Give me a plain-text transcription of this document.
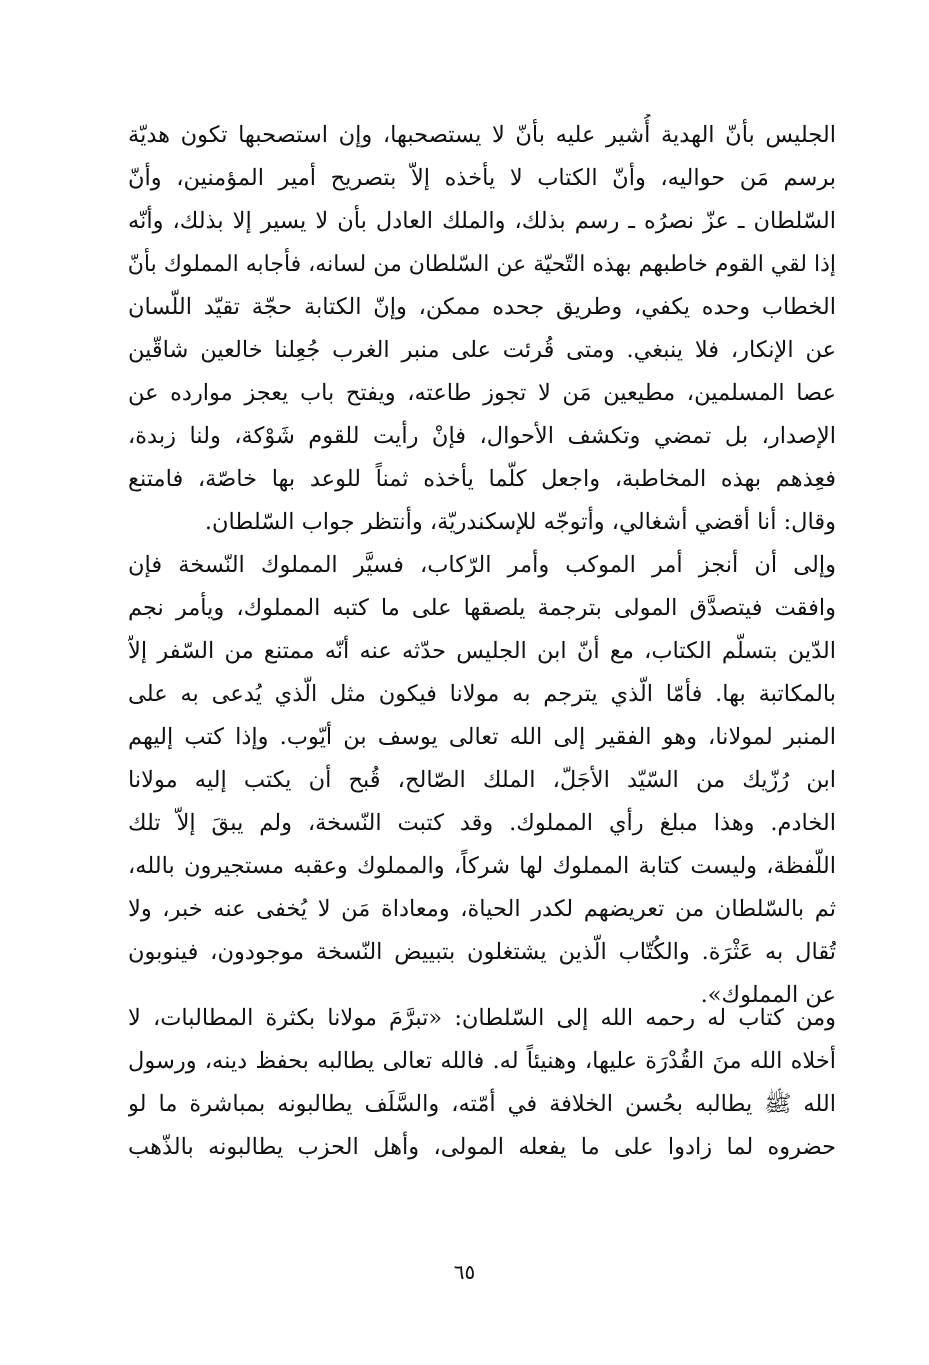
الجليس بأنّ الهدية أُشير عليه بأنّ لا يستصحبها، وإن استصحبها تكون هديّة
برسم مَن حواليه، وأنّ الكتاب لا يأخذه إلاّ بتصريح أمير المؤمنين، وأنّ
السّلطان ـ عزّ نصرُه ـ رسم بذلك، والملك العادل بأن لا يسير إلا بذلك، وأنّه
إذا لقي القوم خاطبهم بهذه التّحيّة عن السّلطان من لسانه، فأجابه المملوك بأنّ
الخطاب وحده يكفي، وطريق جحده ممكن، وإنّ الكتابة حجّة تقيّد اللّسان
عن الإنكار، فلا ينبغي. ومتى قُرئت على منبر الغرب جُعِلنا خالعين شاقّين
عصا المسلمين، مطيعين مَن لا تجوز طاعته، ويفتح باب يعجز موارده عن
الإصدار، بل تمضي وتكشف الأحوال، فإنْ رأيت للقوم شَوْكة، ولنا زبدة،
فعِذهم بهذه المخاطبة، واجعل كلّما يأخذه ثمناً للوعد بها خاصّة، فامتنع
وقال: أنا أقضي أشغالي، وأتوجّه للإسكندريّة، وأنتظر جواب السّلطان.
وإلى أن أنجز أمر الموكب وأمر الرّكاب، فسيَّر المملوك ‌النّسخة فإن
وافقت فيتصدَّق المولى بترجمة يلصقها على ما كتبه المملوك، ويأمر نجم
الدّين بتسلّم الكتاب، مع أنّ ابن الجليس حدّثه عنه أنّه ممتنع من السّفر إلاّ
بالمكاتبة بها. فأمّا الّذي يترجم به مولانا فيكون مثل الّذي يُدعى به على
المنبر لمولانا، وهو الفقير إلى الله تعالى يوسف بن أيّوب. وإذا كتب إليهم
ابن رُزّيك من السّيّد الأجَلّ، الملك الصّالح، قُبح أن يكتب إليه مولانا
الخادم. وهذا مبلغ رأي المملوك. وقد كتبت النّسخة، ولم يبقَ إلاّ تلك
اللّفظة، وليست كتابة المملوك لها شركاً، والمملوك وعقبه مستجيرون بالله،
ثم بالسّلطان من تعريضهم لكدر الحياة، ومعاداة مَن لا يُخفى عنه خبر، ولا
تُقال به عَثْرَة. والكُتّاب الّذين يشتغلون بتبييض النّسخة موجودون، فينوبون
عن المملوك».
ومن كتاب له رحمه الله إلى السّلطان: «تبرَّمَ مولانا بكثرة المطالبات، لا
أخلاه الله منَ القُدْرَة عليها، وهنيئاً له. فالله تعالى يطالبه بحفظ دينه، ورسول
الله ﷺ يطالبه بحُسن الخلافة في أمّته، والسَّلَف يطالبونه بمباشرة ما لو
حضروه لما زادوا على ما يفعله المولى، وأهل الحزب يطالبونه بالذّهب
٦٥
